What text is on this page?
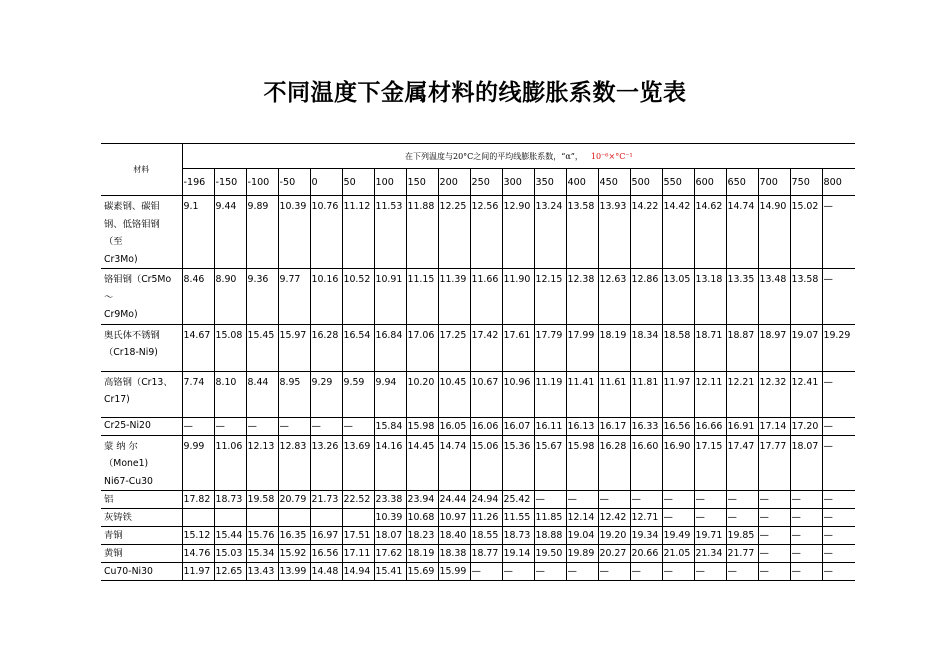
不同温度下金属材料的线膨胀系数一览表
材料	在下列温度与20°C之间的平均线膨胀系数，“α”， 10⁻⁶×°C⁻¹																				
	-196	-150	-100	-50	0	50	100	150	200	250	300	350	400	450	500	550	600	650	700	750	800

碳素钢、碳钼
钢、低铬钼钢
（至
Cr3Mo)	9.1	9.44	9.89	10.39	10.76	11.12	11.53	11.88	12.25	12.56	12.90	13.24	13.58	13.93	14.22	14.42	14.62	14.74	14.90	15.02	—

铬钼钢（Cr5Mo
～
Cr9Mo)	8.46	8.90	9.36	9.77	10.16	10.52	10.91	11.15	11.39	11.66	11.90	12.15	12.38	12.63	12.86	13.05	13.18	13.35	13.48	13.58	—

奥氏体不锈钢
（Cr18-Ni9)	14.67	15.08	15.45	15.97	16.28	16.54	16.84	17.06	17.25	17.42	17.61	17.79	17.99	18.19	18.34	18.58	18.71	18.87	18.97	19.07	19.29

高铬钢（Cr13、
Cr17)	7.74	8.10	8.44	8.95	9.29	9.59	9.94	10.20	10.45	10.67	10.96	11.19	11.41	11.61	11.81	11.97	12.11	12.21	12.32	12.41	—

Cr25-Ni20	—	—	—	—	—	—	15.84	15.98	16.05	16.06	16.07	16.11	16.13	16.17	16.33	16.56	16.66	16.91	17.14	17.20	—

蒙 纳 尔
（Mone1)
Ni67-Cu30	9.99	11.06	12.13	12.83	13.26	13.69	14.16	14.45	14.74	15.06	15.36	15.67	15.98	16.28	16.60	16.90	17.15	17.47	17.77	18.07	—

铝	17.82	18.73	19.58	20.79	21.73	22.52	23.38	23.94	24.44	24.94	25.42	—	—	—	—	—	—	—	—	—	—

灰铸铁							10.39	10.68	10.97	11.26	11.55	11.85	12.14	12.42	12.71	—	—	—	—	—	—

青铜	15.12	15.44	15.76	16.35	16.97	17.51	18.07	18.23	18.40	18.55	18.73	18.88	19.04	19.20	19.34	19.49	19.71	19.85	—	—	—

黄铜	14.76	15.03	15.34	15.92	16.56	17.11	17.62	18.19	18.38	18.77	19.14	19.50	19.89	20.27	20.66	21.05	21.34	21.77	—	—	—

Cu70-Ni30	11.97	12.65	13.43	13.99	14.48	14.94	15.41	15.69	15.99	—	—	—	—	—	—	—	—	—	—	—	—
